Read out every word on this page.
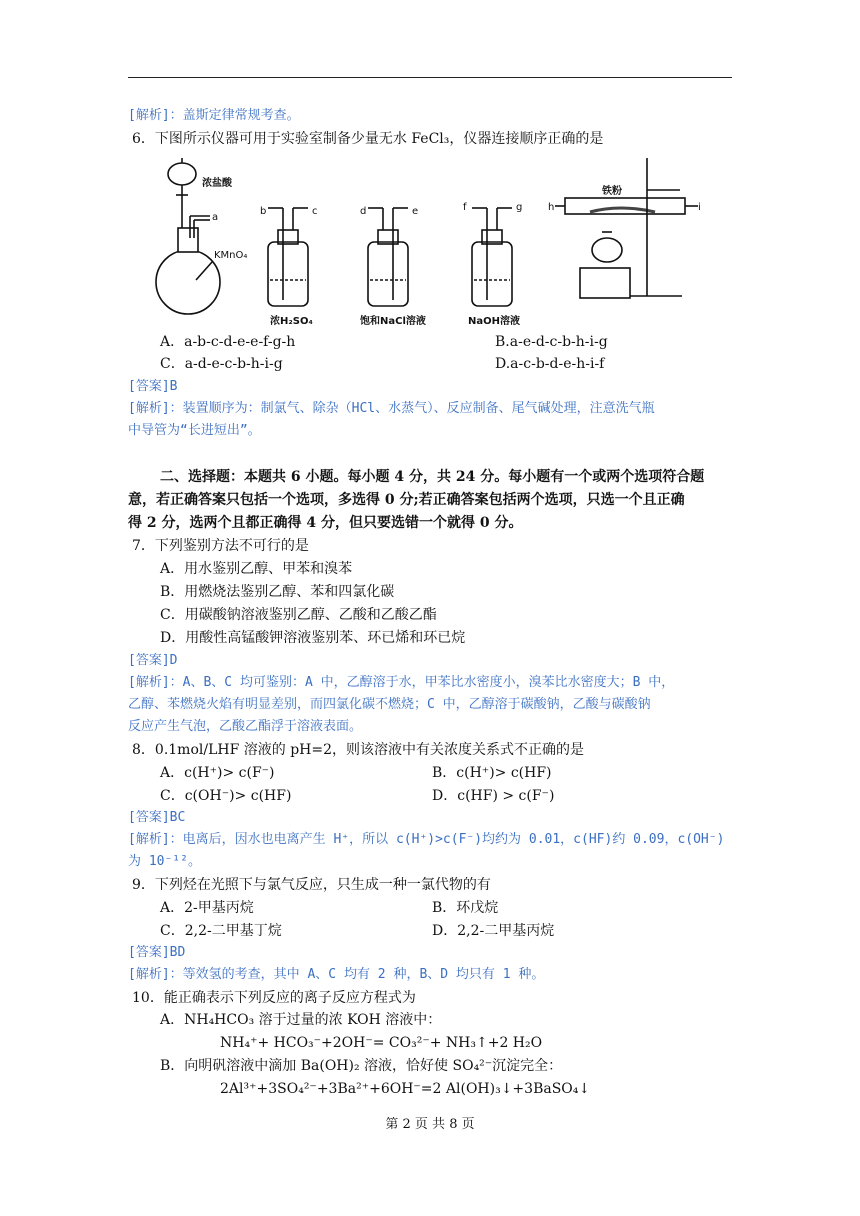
[解析]：盖斯定律常规考查。
6．下图所示仪器可用于实验室制备少量无水 FeCl₃，仪器连接顺序正确的是
浓盐酸
KMnO₄
铁粉
浓H₂SO₄	饱和NaCl溶液	NaOH溶液
a
b	c	d	e	f	g	h	i
A．a-b-c-d-e-e-f-g-h	B.a-e-d-c-b-h-i-g
C．a-d-e-c-b-h-i-g	D.a-c-b-d-e-h-i-f
[答案]B
[解析]：装置顺序为：制氯气、除杂（HCl、水蒸气）、反应制备、尾气碱处理，注意洗气瓶
中导管为“长进短出”。
二、选择题：本题共 6 小题。每小题 4 分，共 24 分。每小题有一个或两个选项符合题
意，若正确答案只包括一个选项，多选得 0 分;若正确答案包括两个选项，只选一个且正确
得 2 分，选两个且都正确得 4 分，但只要选错一个就得 0 分。
7．下列鉴别方法不可行的是
A．用水鉴别乙醇、甲苯和溴苯
B．用燃烧法鉴别乙醇、苯和四氯化碳
C．用碳酸钠溶液鉴别乙醇、乙酸和乙酸乙酯
D．用酸性高锰酸钾溶液鉴别苯、环已烯和环已烷
[答案]D
[解析]：A、B、C 均可鉴别：A 中，乙醇溶于水，甲苯比水密度小，溴苯比水密度大；B 中，
乙醇、苯燃烧火焰有明显差别，而四氯化碳不燃烧；C 中，乙醇溶于碳酸钠，乙酸与碳酸钠
反应产生气泡，乙酸乙酯浮于溶液表面。
8．0.1mol/LHF 溶液的 pH=2，则该溶液中有关浓度关系式不正确的是
A．c(H⁺)> c(F⁻)	B．c(H⁺)> c(HF)
C．c(OH⁻)> c(HF)	D．c(HF) > c(F⁻)
[答案]BC
[解析]：电离后，因水也电离产生 H⁺，所以 c(H⁺)>c(F⁻)均约为 0.01，c(HF)约 0.09，c(OH⁻)
为 10⁻¹²。
9．下列烃在光照下与氯气反应，只生成一种一氯代物的有
A．2-甲基丙烷	B．环戊烷
C．2,2-二甲基丁烷	D．2,2-二甲基丙烷
[答案]BD
[解析]：等效氢的考查，其中 A、C 均有 2 种，B、D 均只有 1 种。
10．能正确表示下列反应的离子反应方程式为
A．NH₄HCO₃ 溶于过量的浓 KOH 溶液中：
NH₄⁺+ HCO₃⁻+2OH⁻= CO₃²⁻+ NH₃↑+2 H₂O
B．向明矾溶液中滴加 Ba(OH)₂ 溶液，恰好使 SO₄²⁻沉淀完全：
2Al³⁺+3SO₄²⁻+3Ba²⁺+6OH⁻=2 Al(OH)₃↓+3BaSO₄↓
第 2 页 共 8 页
